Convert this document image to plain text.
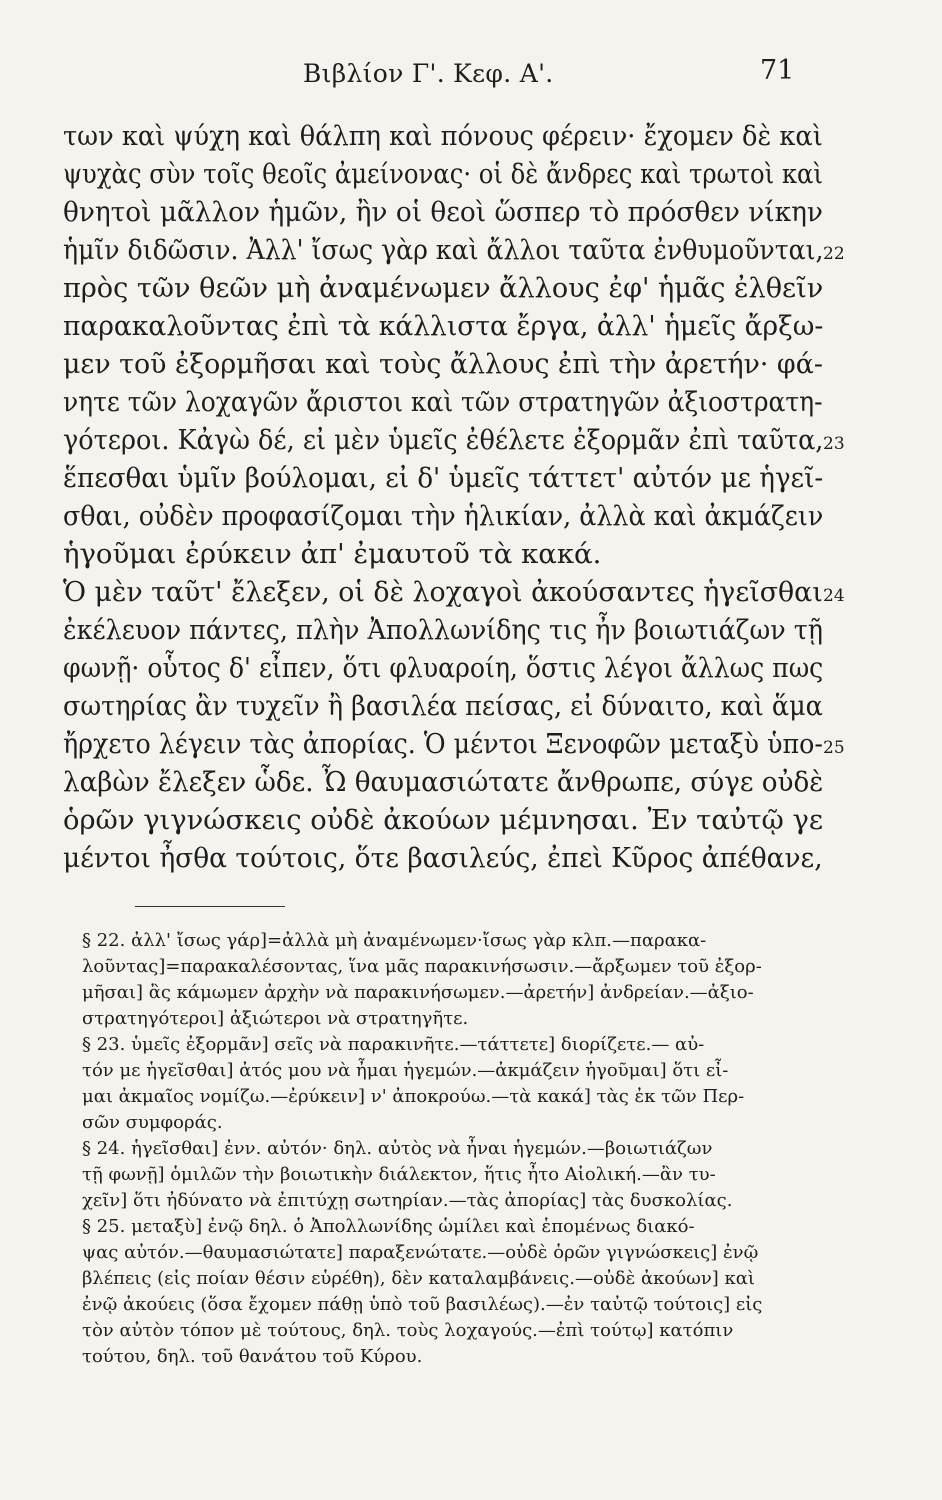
Βιβλίον Γ'. Κεφ. Α'.	71
των καὶ ψύχη καὶ θάλπη καὶ πόνους φέρειν· ἔχομεν δὲ καὶ
ψυχὰς σὺν τοῖς θεοῖς ἀμείνονας· οἱ δὲ ἄνδρες καὶ τρωτοὶ καὶ
θνητοὶ μᾶλλον ἡμῶν, ἢν οἱ θεοὶ ὥσπερ τὸ πρόσθεν νίκην
ἡμῖν διδῶσιν. Ἀλλ' ἴσως γὰρ καὶ ἄλλοι ταῦτα ἐνθυμοῦνται,
πρὸς τῶν θεῶν μὴ ἀναμένωμεν ἄλλους ἐφ' ἡμᾶς ἐλθεῖν
παρακαλοῦντας ἐπὶ τὰ κάλλιστα ἔργα, ἀλλ' ἡμεῖς ἄρξω-
μεν τοῦ ἐξορμῆσαι καὶ τοὺς ἄλλους ἐπὶ τὴν ἀρετήν· φά-
νητε τῶν λοχαγῶν ἄριστοι καὶ τῶν στρατηγῶν ἀξιοστρατη-
γότεροι. Κἀγὼ δέ, εἰ μὲν ὑμεῖς ἐθέλετε ἐξορμᾶν ἐπὶ ταῦτα,
ἕπεσθαι ὑμῖν βούλομαι, εἰ δ' ὑμεῖς τάττετ' αὐτόν με ἡγεῖ-
σθαι, οὐδὲν προφασίζομαι τὴν ἡλικίαν, ἀλλὰ καὶ ἀκμάζειν
ἡγοῦμαι ἐρύκειν ἀπ' ἐμαυτοῦ τὰ κακά.
Ὁ μὲν ταῦτ' ἔλεξεν, οἱ δὲ λοχαγοὶ ἀκούσαντες ἡγεῖσθαι
ἐκέλευον πάντες, πλὴν Ἀπολλωνίδης τις ἦν βοιωτιάζων τῇ
φωνῇ· οὗτος δ' εἶπεν, ὅτι φλυαροίη, ὅστις λέγοι ἄλλως πως
σωτηρίας ἂν τυχεῖν ἢ βασιλέα πείσας, εἰ δύναιτο, καὶ ἅμα
ἤρχετο λέγειν τὰς ἀπορίας. Ὁ μέντοι Ξενοφῶν μεταξὺ ὑπο-
λαβὼν ἔλεξεν ὧδε. Ὦ θαυμασιώτατε ἄνθρωπε, σύγε οὐδὲ
ὁρῶν γιγνώσκεις οὐδὲ ἀκούων μέμνησαι. Ἐν ταὐτῷ γε
μέντοι ἦσθα τούτοις, ὅτε βασιλεύς, ἐπεὶ Κῦρος ἀπέθανε,
22
23
24
25
§ 22. ἀλλ' ἴσως γάρ]=ἀλλὰ μὴ ἀναμένωμεν·ἴσως γὰρ κλπ.—παρακα-
λοῦντας]=παρακαλέσοντας, ἵνα μᾶς παρακινήσωσιν.—ἄρξωμεν τοῦ ἐξορ-
μῆσαι] ἂς κάμωμεν ἀρχὴν νὰ παρακινήσωμεν.—ἀρετήν] ἀνδρείαν.—ἀξιο-
στρατηγότεροι] ἀξιώτεροι νὰ στρατηγῆτε.
§ 23. ὑμεῖς ἐξορμᾶν] σεῖς νὰ παρακινῆτε.—τάττετε] διορίζετε.— αὐ-
τόν με ἡγεῖσθαι] ἀτός μου νὰ ἦμαι ἡγεμών.—ἀκμάζειν ἡγοῦμαι] ὅτι εἶ-
μαι ἀκμαῖος νομίζω.—ἐρύκειν] ν' ἀποκρούω.—τὰ κακά] τὰς ἐκ τῶν Περ-
σῶν συμφοράς.
§ 24. ἡγεῖσθαι] ἐνν. αὐτόν· δηλ. αὐτὸς νὰ ἦναι ἡγεμών.—βοιωτιάζων
τῇ φωνῇ] ὁμιλῶν τὴν βοιωτικὴν διάλεκτον, ἥτις ἦτο Αἰολική.—ἂν τυ-
χεῖν] ὅτι ἠδύνατο νὰ ἐπιτύχῃ σωτηρίαν.—τὰς ἀπορίας] τὰς δυσκολίας.
§ 25. μεταξὺ] ἐνῷ δηλ. ὁ Ἀπολλωνίδης ὡμίλει καὶ ἑπομένως διακό-
ψας αὐτόν.—θαυμασιώτατε] παραξενώτατε.—οὐδὲ ὁρῶν γιγνώσκεις] ἐνῷ
βλέπεις (εἰς ποίαν θέσιν εὑρέθη), δὲν καταλαμβάνεις.—οὐδὲ ἀκούων] καὶ
ἐνῷ ἀκούεις (ὅσα ἔχομεν πάθῃ ὑπὸ τοῦ βασιλέως).—ἐν ταὐτῷ τούτοις] εἰς
τὸν αὐτὸν τόπον μὲ τούτους, δηλ. τοὺς λοχαγούς.—ἐπὶ τούτῳ] κατόπιν
τούτου, δηλ. τοῦ θανάτου τοῦ Κύρου.
